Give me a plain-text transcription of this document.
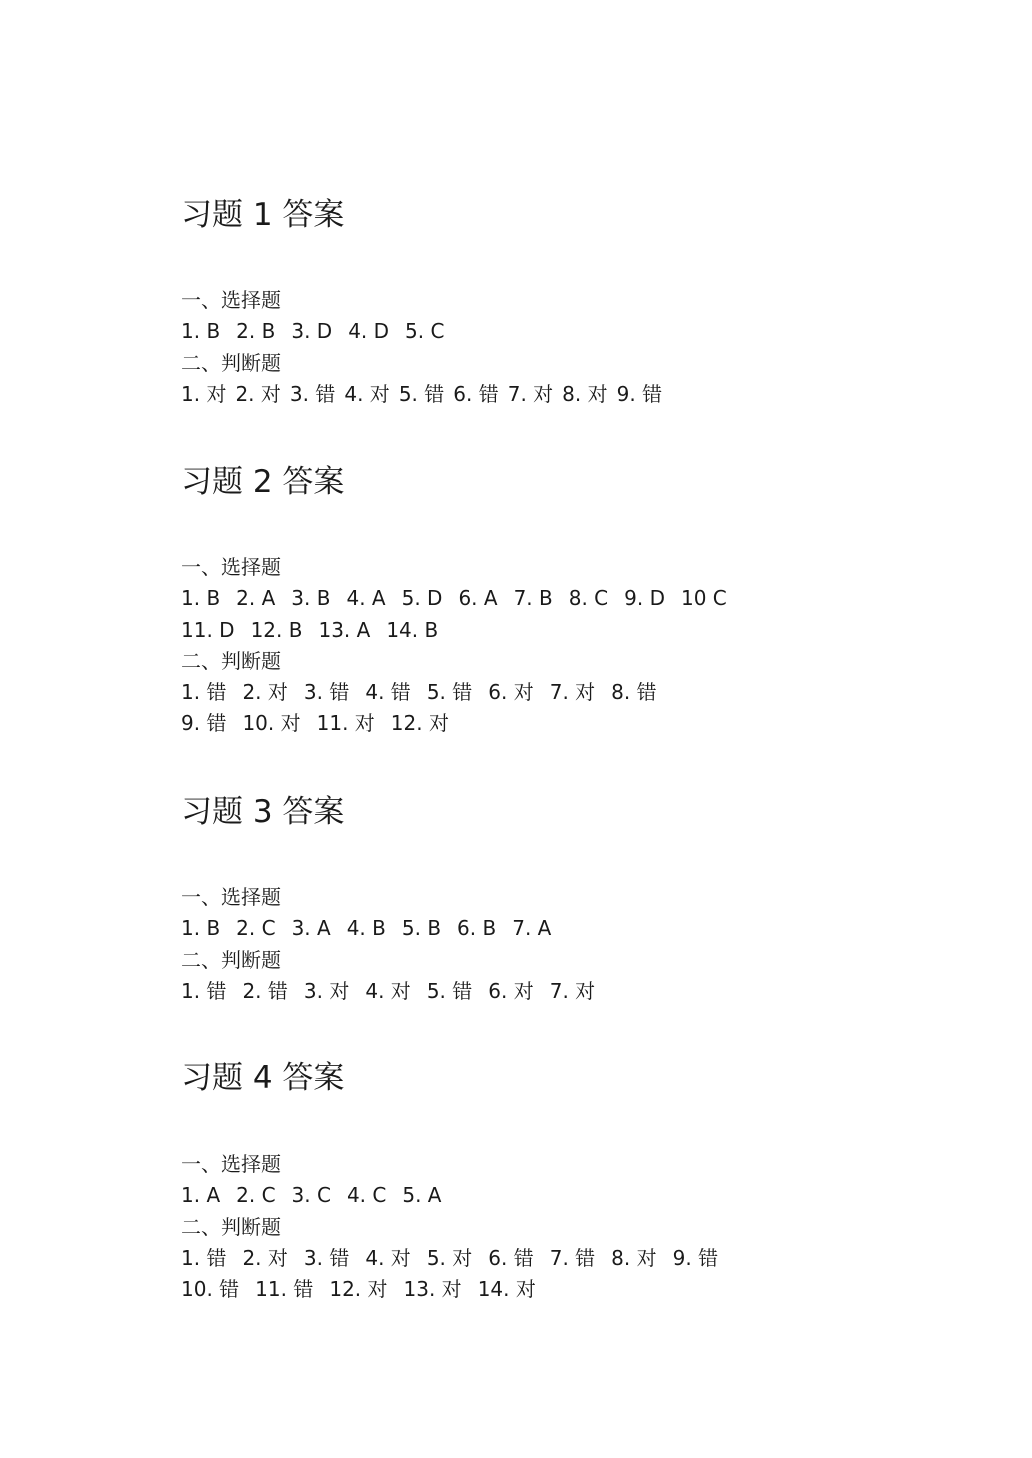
习题 1 答案
一、选择题
1. B 2. B 3. D 4. D 5. C
二、判断题
1. 对 2. 对 3. 错 4. 对 5. 错 6. 错 7. 对 8. 对 9. 错
习题 2 答案
一、选择题
1. B 2. A 3. B 4. A 5. D 6. A 7. B 8. C 9. D 10 C
11. D 12. B 13. A 14. B
二、判断题
1. 错 2. 对 3. 错 4. 错 5. 错 6. 对 7. 对 8. 错
9. 错 10. 对 11. 对 12. 对
习题 3 答案
一、选择题
1. B 2. C 3. A 4. B 5. B 6. B 7. A
二、判断题
1. 错 2. 错 3. 对 4. 对 5. 错 6. 对 7. 对
习题 4 答案
一、选择题
1. A 2. C 3. C 4. C 5. A
二、判断题
1. 错 2. 对 3. 错 4. 对 5. 对 6. 错 7. 错 8. 对 9. 错
10. 错 11. 错 12. 对 13. 对 14. 对
